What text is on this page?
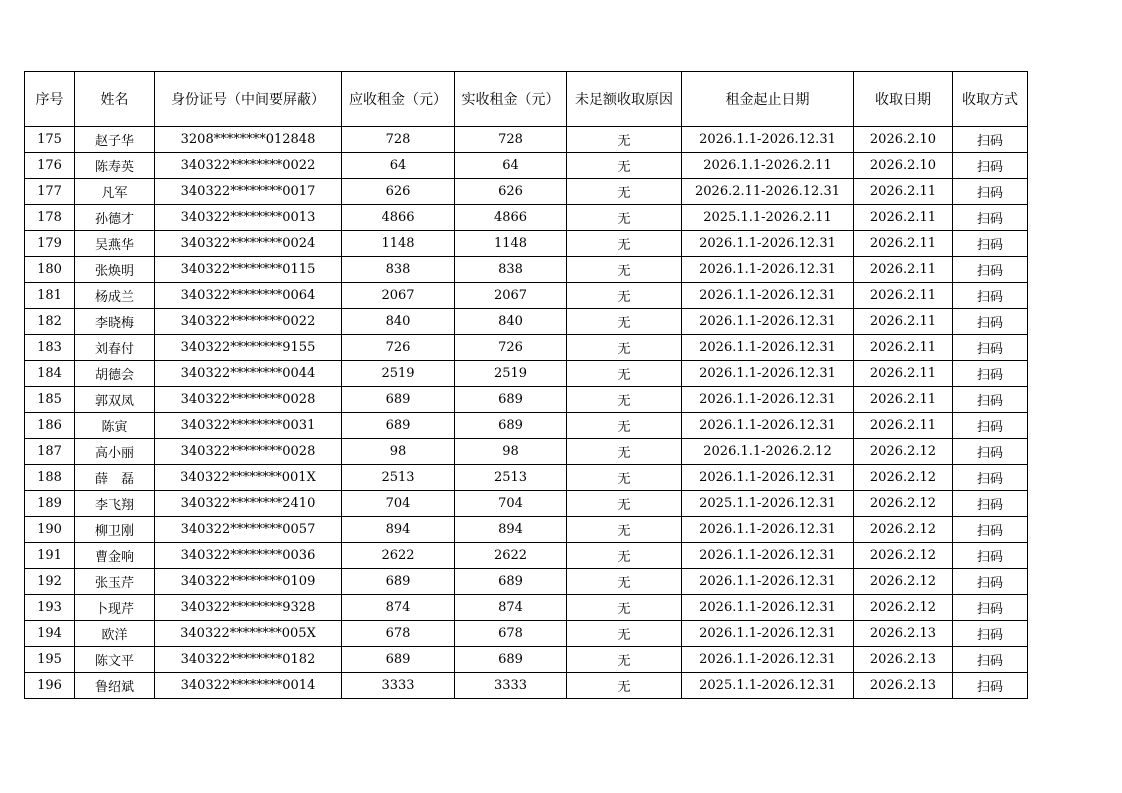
序号	姓名	身份证号（中间要屏蔽）	应收租金（元）	实收租金（元）	未足额收取原因	租金起止日期	收取日期	收取方式
175	赵子华	3208********012848	728	728	无	2026.1.1-2026.12.31	2026.2.10	扫码
176	陈寿英	340322********0022	64	64	无	2026.1.1-2026.2.11	2026.2.10	扫码
177	凡军	340322********0017	626	626	无	2026.2.11-2026.12.31	2026.2.11	扫码
178	孙德才	340322********0013	4866	4866	无	2025.1.1-2026.2.11	2026.2.11	扫码
179	吴燕华	340322********0024	1148	1148	无	2026.1.1-2026.12.31	2026.2.11	扫码
180	张焕明	340322********0115	838	838	无	2026.1.1-2026.12.31	2026.2.11	扫码
181	杨成兰	340322********0064	2067	2067	无	2026.1.1-2026.12.31	2026.2.11	扫码
182	李晓梅	340322********0022	840	840	无	2026.1.1-2026.12.31	2026.2.11	扫码
183	刘春付	340322********9155	726	726	无	2026.1.1-2026.12.31	2026.2.11	扫码
184	胡德会	340322********0044	2519	2519	无	2026.1.1-2026.12.31	2026.2.11	扫码
185	郭双凤	340322********0028	689	689	无	2026.1.1-2026.12.31	2026.2.11	扫码
186	陈寅	340322********0031	689	689	无	2026.1.1-2026.12.31	2026.2.11	扫码
187	高小丽	340322********0028	98	98	无	2026.1.1-2026.2.12	2026.2.12	扫码
188	薛　磊	340322********001X	2513	2513	无	2026.1.1-2026.12.31	2026.2.12	扫码
189	李飞翔	340322********2410	704	704	无	2025.1.1-2026.12.31	2026.2.12	扫码
190	柳卫刚	340322********0057	894	894	无	2026.1.1-2026.12.31	2026.2.12	扫码
191	曹金响	340322********0036	2622	2622	无	2026.1.1-2026.12.31	2026.2.12	扫码
192	张玉芹	340322********0109	689	689	无	2026.1.1-2026.12.31	2026.2.12	扫码
193	卜现芹	340322********9328	874	874	无	2026.1.1-2026.12.31	2026.2.12	扫码
194	欧洋	340322********005X	678	678	无	2026.1.1-2026.12.31	2026.2.13	扫码
195	陈文平	340322********0182	689	689	无	2026.1.1-2026.12.31	2026.2.13	扫码
196	鲁绍斌	340322********0014	3333	3333	无	2025.1.1-2026.12.31	2026.2.13	扫码
